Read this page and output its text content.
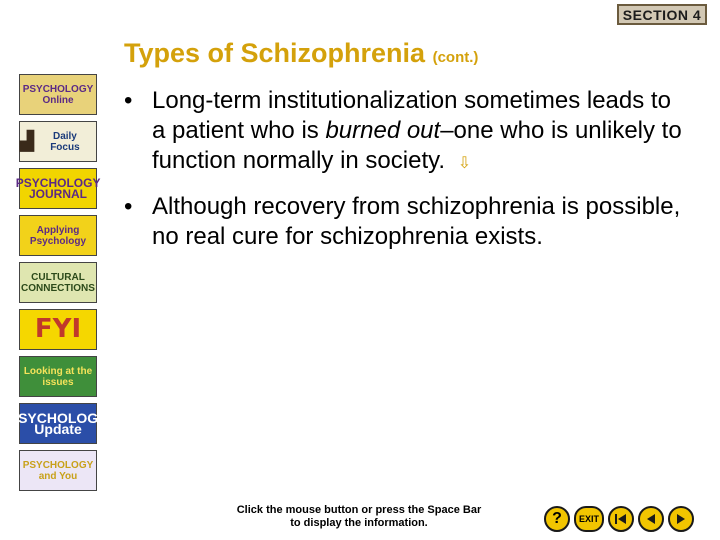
SECTION 4
Types of Schizophrenia (cont.)
PSYCHOLOGY Online
▟	Daily Focus
PSYCHOLOGY JOURNAL
Applying Psychology
CULTURAL CONNECTIONS
FYI
Looking at the issues
PSYCHOLOGY Update
PSYCHOLOGY and You
• Long-term institutionalization sometimes leads to a patient who is burned out–one who is unlikely to function normally in society. ⇩
• Although recovery from schizophrenia is possible, no real cure for schizophrenia exists.
Click the mouse button or press the Space Bar
to display the information.	? EXIT
